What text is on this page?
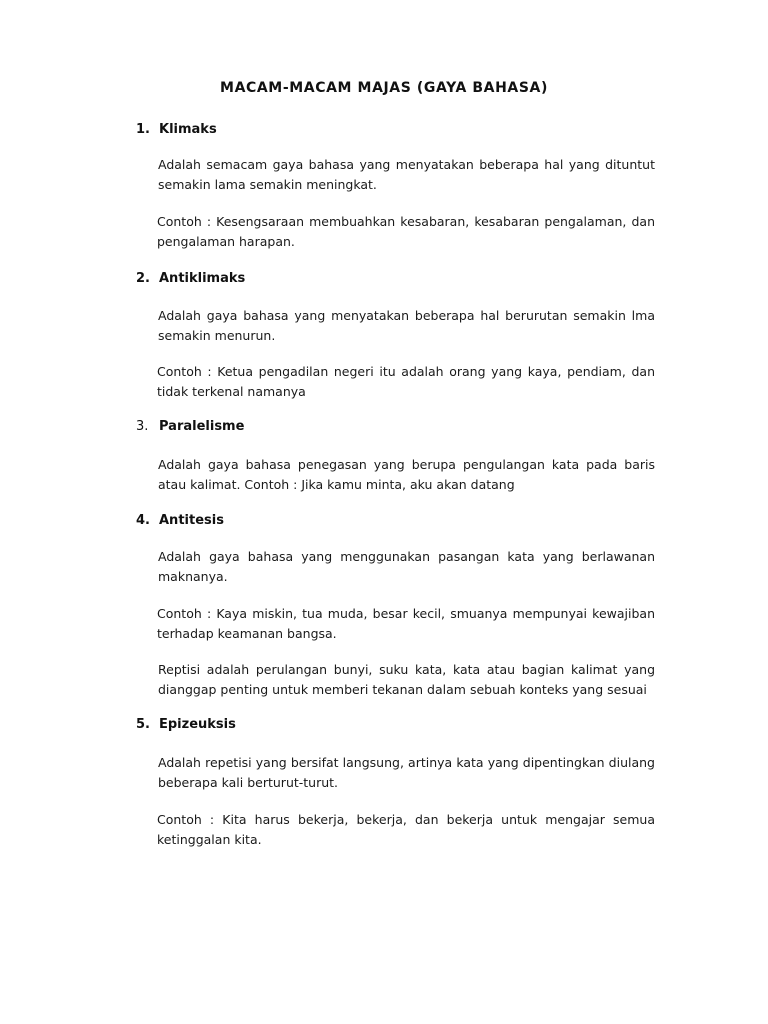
MACAM-MACAM MAJAS (GAYA BAHASA)
1. Klimaks

Adalah semacam gaya bahasa yang menyatakan beberapa hal yang dituntut semakin lama semakin meningkat.

Contoh : Kesengsaraan membuahkan kesabaran, kesabaran pengalaman, dan pengalaman harapan.

2. Antiklimaks

Adalah gaya bahasa yang menyatakan beberapa hal berurutan semakin lma semakin menurun.

Contoh : Ketua pengadilan negeri itu adalah orang yang kaya, pendiam, dan tidak terkenal namanya

3. Paralelisme

Adalah gaya bahasa penegasan yang berupa pengulangan kata pada baris atau kalimat. Contoh : Jika kamu minta, aku akan datang

4. Antitesis

Adalah gaya bahasa yang menggunakan pasangan kata yang berlawanan maknanya.

Contoh : Kaya miskin, tua muda, besar kecil, smuanya mempunyai kewajiban terhadap keamanan bangsa.

Reptisi adalah perulangan bunyi, suku kata, kata atau bagian kalimat yang dianggap penting untuk memberi tekanan dalam sebuah konteks yang sesuai

5. Epizeuksis

Adalah repetisi yang bersifat langsung, artinya kata yang dipentingkan diulang beberapa kali berturut-turut.

Contoh : Kita harus bekerja, bekerja, dan bekerja untuk mengajar semua ketinggalan kita.
